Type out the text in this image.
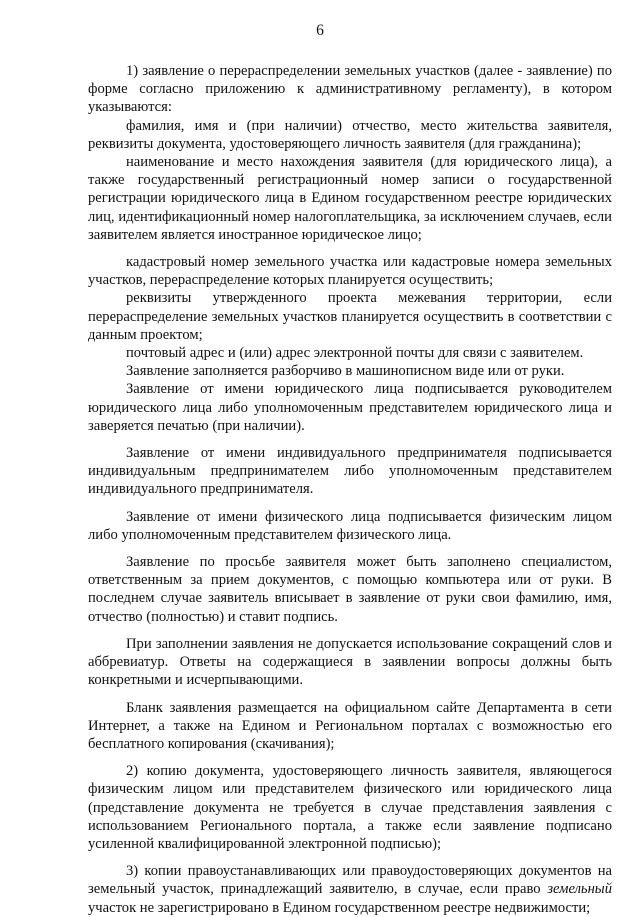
6

1) заявление о перераспределении земельных участков (далее - заявление) по форме согласно приложению к административному регламенту), в котором указываются:

фамилия, имя и (при наличии) отчество, место жительства заявителя, реквизиты документа, удостоверяющего личность заявителя (для гражданина);

наименование и место нахождения заявителя (для юридического лица), а также государственный регистрационный номер записи о государственной регистрации юридического лица в Едином государственном реестре юридических лиц, идентификационный номер налогоплательщика, за исключением случаев, если заявителем является иностранное юридическое лицо;

кадастровый номер земельного участка или кадастровые номера земельных участков, перераспределение которых планируется осуществить;

реквизиты утвержденного проекта межевания территории, если перераспределение земельных участков планируется осуществить в соответствии с данным проектом;

почтовый адрес и (или) адрес электронной почты для связи с заявителем.

Заявление заполняется разборчиво в машинописном виде или от руки.

Заявление от имени юридического лица подписывается руководителем юридического лица либо уполномоченным представителем юридического лица и заверяется печатью (при наличии).

Заявление от имени индивидуального предпринимателя подписывается индивидуальным предпринимателем либо уполномоченным представителем индивидуального предпринимателя.

Заявление от имени физического лица подписывается физическим лицом либо уполномоченным представителем физического лица.

Заявление по просьбе заявителя может быть заполнено специалистом, ответственным за прием документов, с помощью компьютера или от руки. В последнем случае заявитель вписывает в заявление от руки свои фамилию, имя, отчество (полностью) и ставит подпись.

При заполнении заявления не допускается использование сокращений слов и аббревиатур. Ответы на содержащиеся в заявлении вопросы должны быть конкретными и исчерпывающими.

Бланк заявления размещается на официальном сайте Департамента в сети Интернет, а также на Едином и Региональном порталах с возможностью его бесплатного копирования (скачивания);

2) копию документа, удостоверяющего личность заявителя, являющегося физическим лицом или представителем физического или юридического лица (представление документа не требуется в случае представления заявления с использованием Регионального портала, а также если заявление подписано усиленной квалифицированной электронной подписью);

3) копии правоустанавливающих или правоудостоверяющих документов на земельный участок, принадлежащий заявителю, в случае, если право земельный участок не зарегистрировано в Едином государственном реестре недвижимости;
